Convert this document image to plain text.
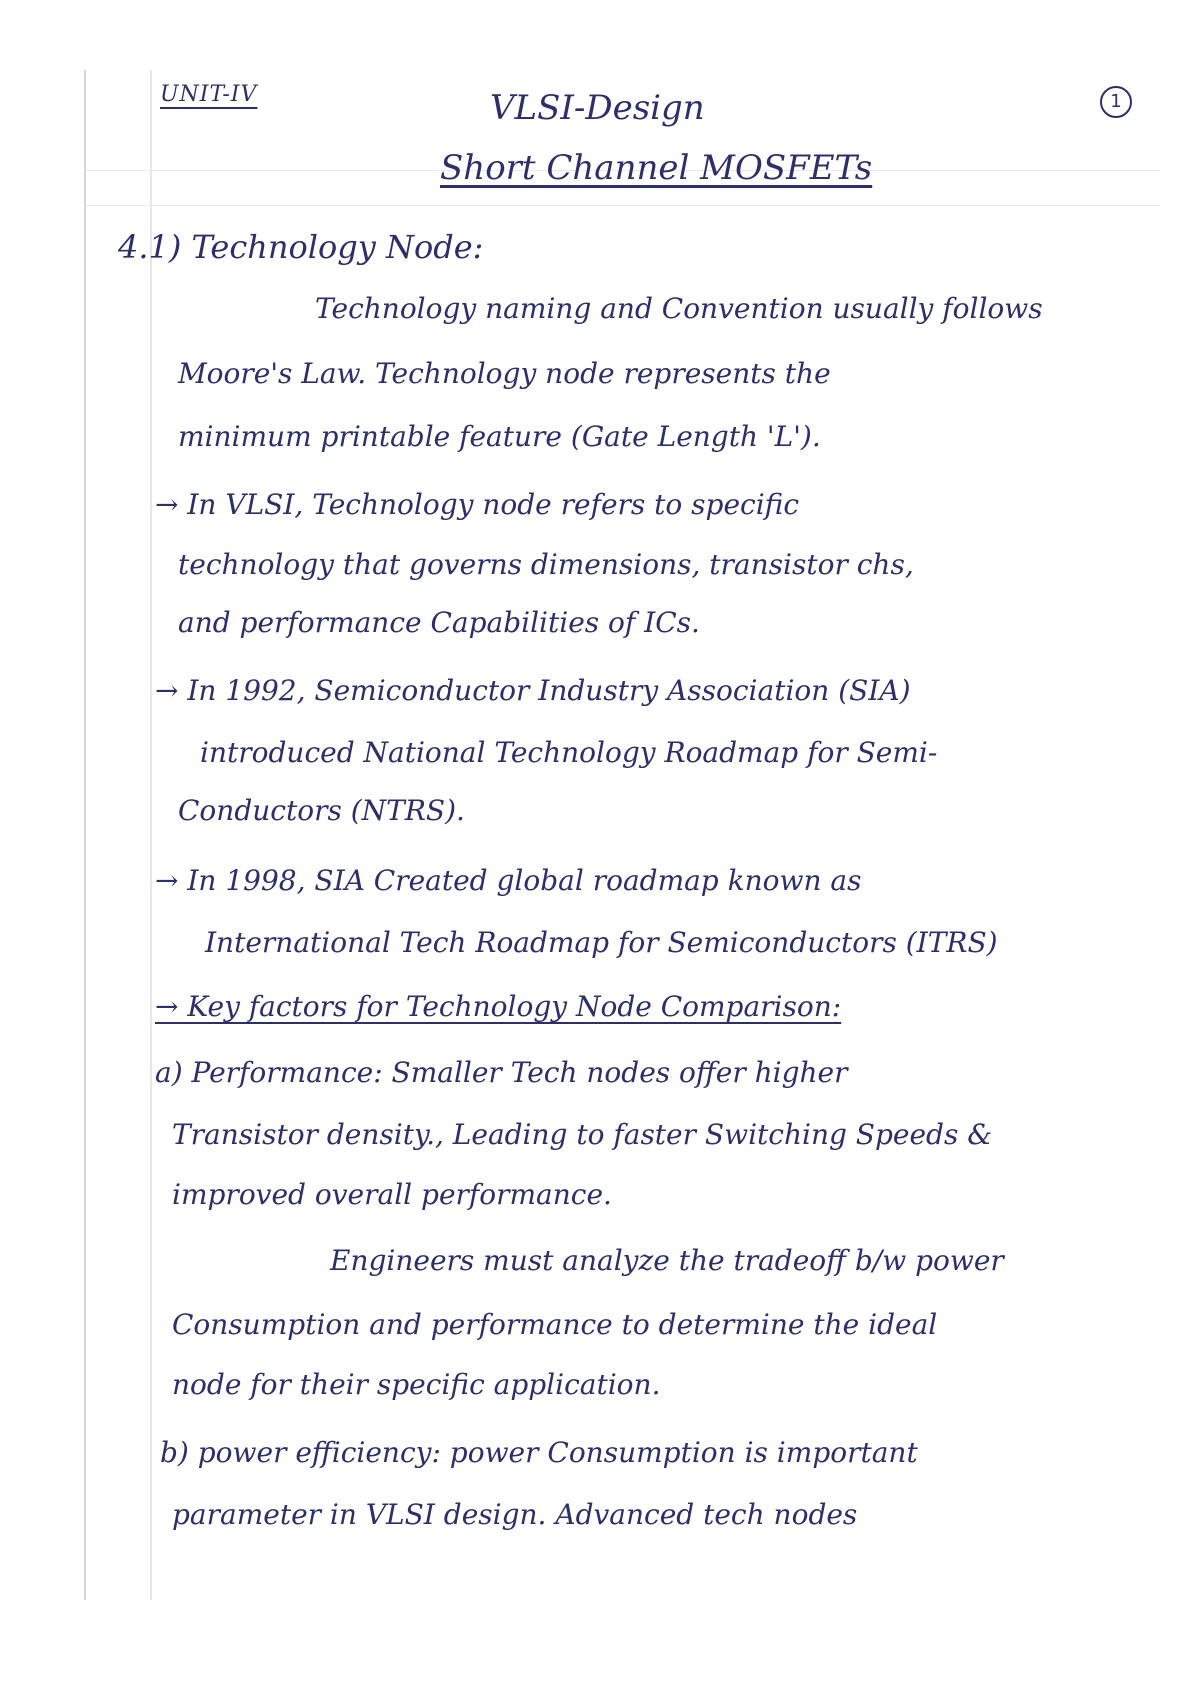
UNIT-IV	1
VLSI-Design
Short Channel MOSFETs
4.1) Technology Node:
Technology naming and Convention usually follows
Moore's Law. Technology node represents the
minimum printable feature (Gate Length 'L').
→ In VLSI, Technology node refers to specific
technology that governs dimensions, transistor chs,
and performance Capabilities of ICs.
→ In 1992, Semiconductor Industry Association (SIA)
introduced National Technology Roadmap for Semi-
Conductors (NTRS).
→ In 1998, SIA Created global roadmap known as
International Tech Roadmap for Semiconductors (ITRS)
→ Key factors for Technology Node Comparison:
a) Performance: Smaller Tech nodes offer higher
Transistor density., Leading to faster Switching Speeds &
improved overall performance.
Engineers must analyze the tradeoff b/w power
Consumption and performance to determine the ideal
node for their specific application.
b) power efficiency: power Consumption is important
parameter in VLSI design. Advanced tech nodes
